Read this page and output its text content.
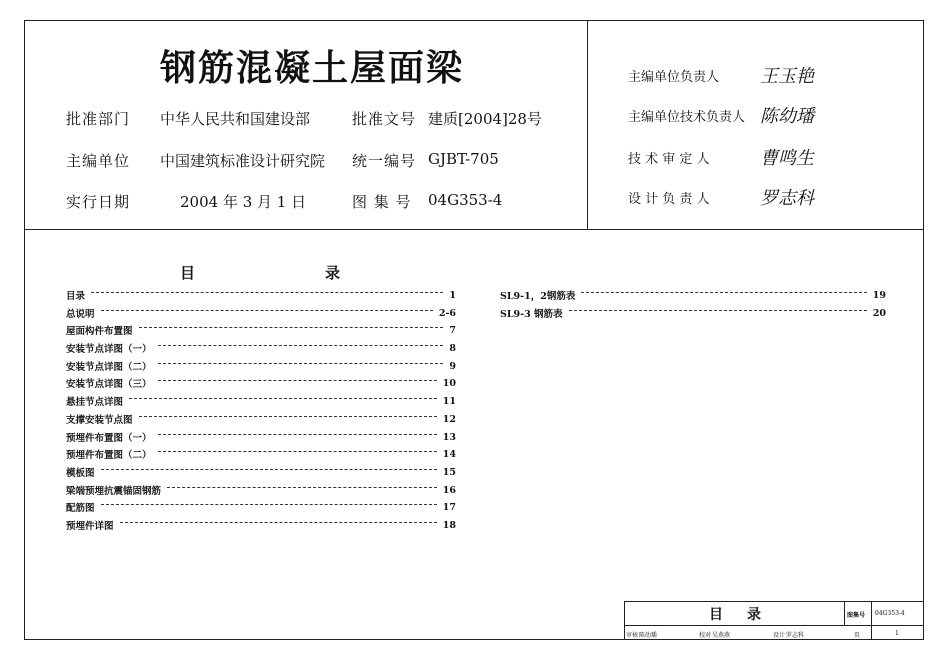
钢筋混凝土屋面梁
批准部门 中华人民共和国建设部	批准文号 建质[2004]28号
主编单位 中国建筑标准设计研究院 统一编号 GJBT-705
实行日期	2004 年 3 月 1 日	图 集 号 04G353-4
主编单位负责人 王玉艳
主编单位技术负责人 陈幼璠
技 术 审 定 人	曹鸣生
设 计 负 责 人	罗志科
目	录
目录	1
总说明	2-6
屋面构件布置图	7
安装节点详图（一）	8
安装节点详图（二）	9
安装节点详图（三）	10
悬挂节点详图	11
支撑安装节点图	12
预埋件布置图（一）	13
预埋件布置图（二）	14
模板图	15
梁端预埋抗震锚固钢筋	16
配筋图	17
预埋件详图	18
SL9-1，2钢筋表	19
SL9-3 钢筋表	20
目 录	图集号 04G353-4
审核 陈幼璠	校对 吴燕燕	设计 罗志科	页	1
